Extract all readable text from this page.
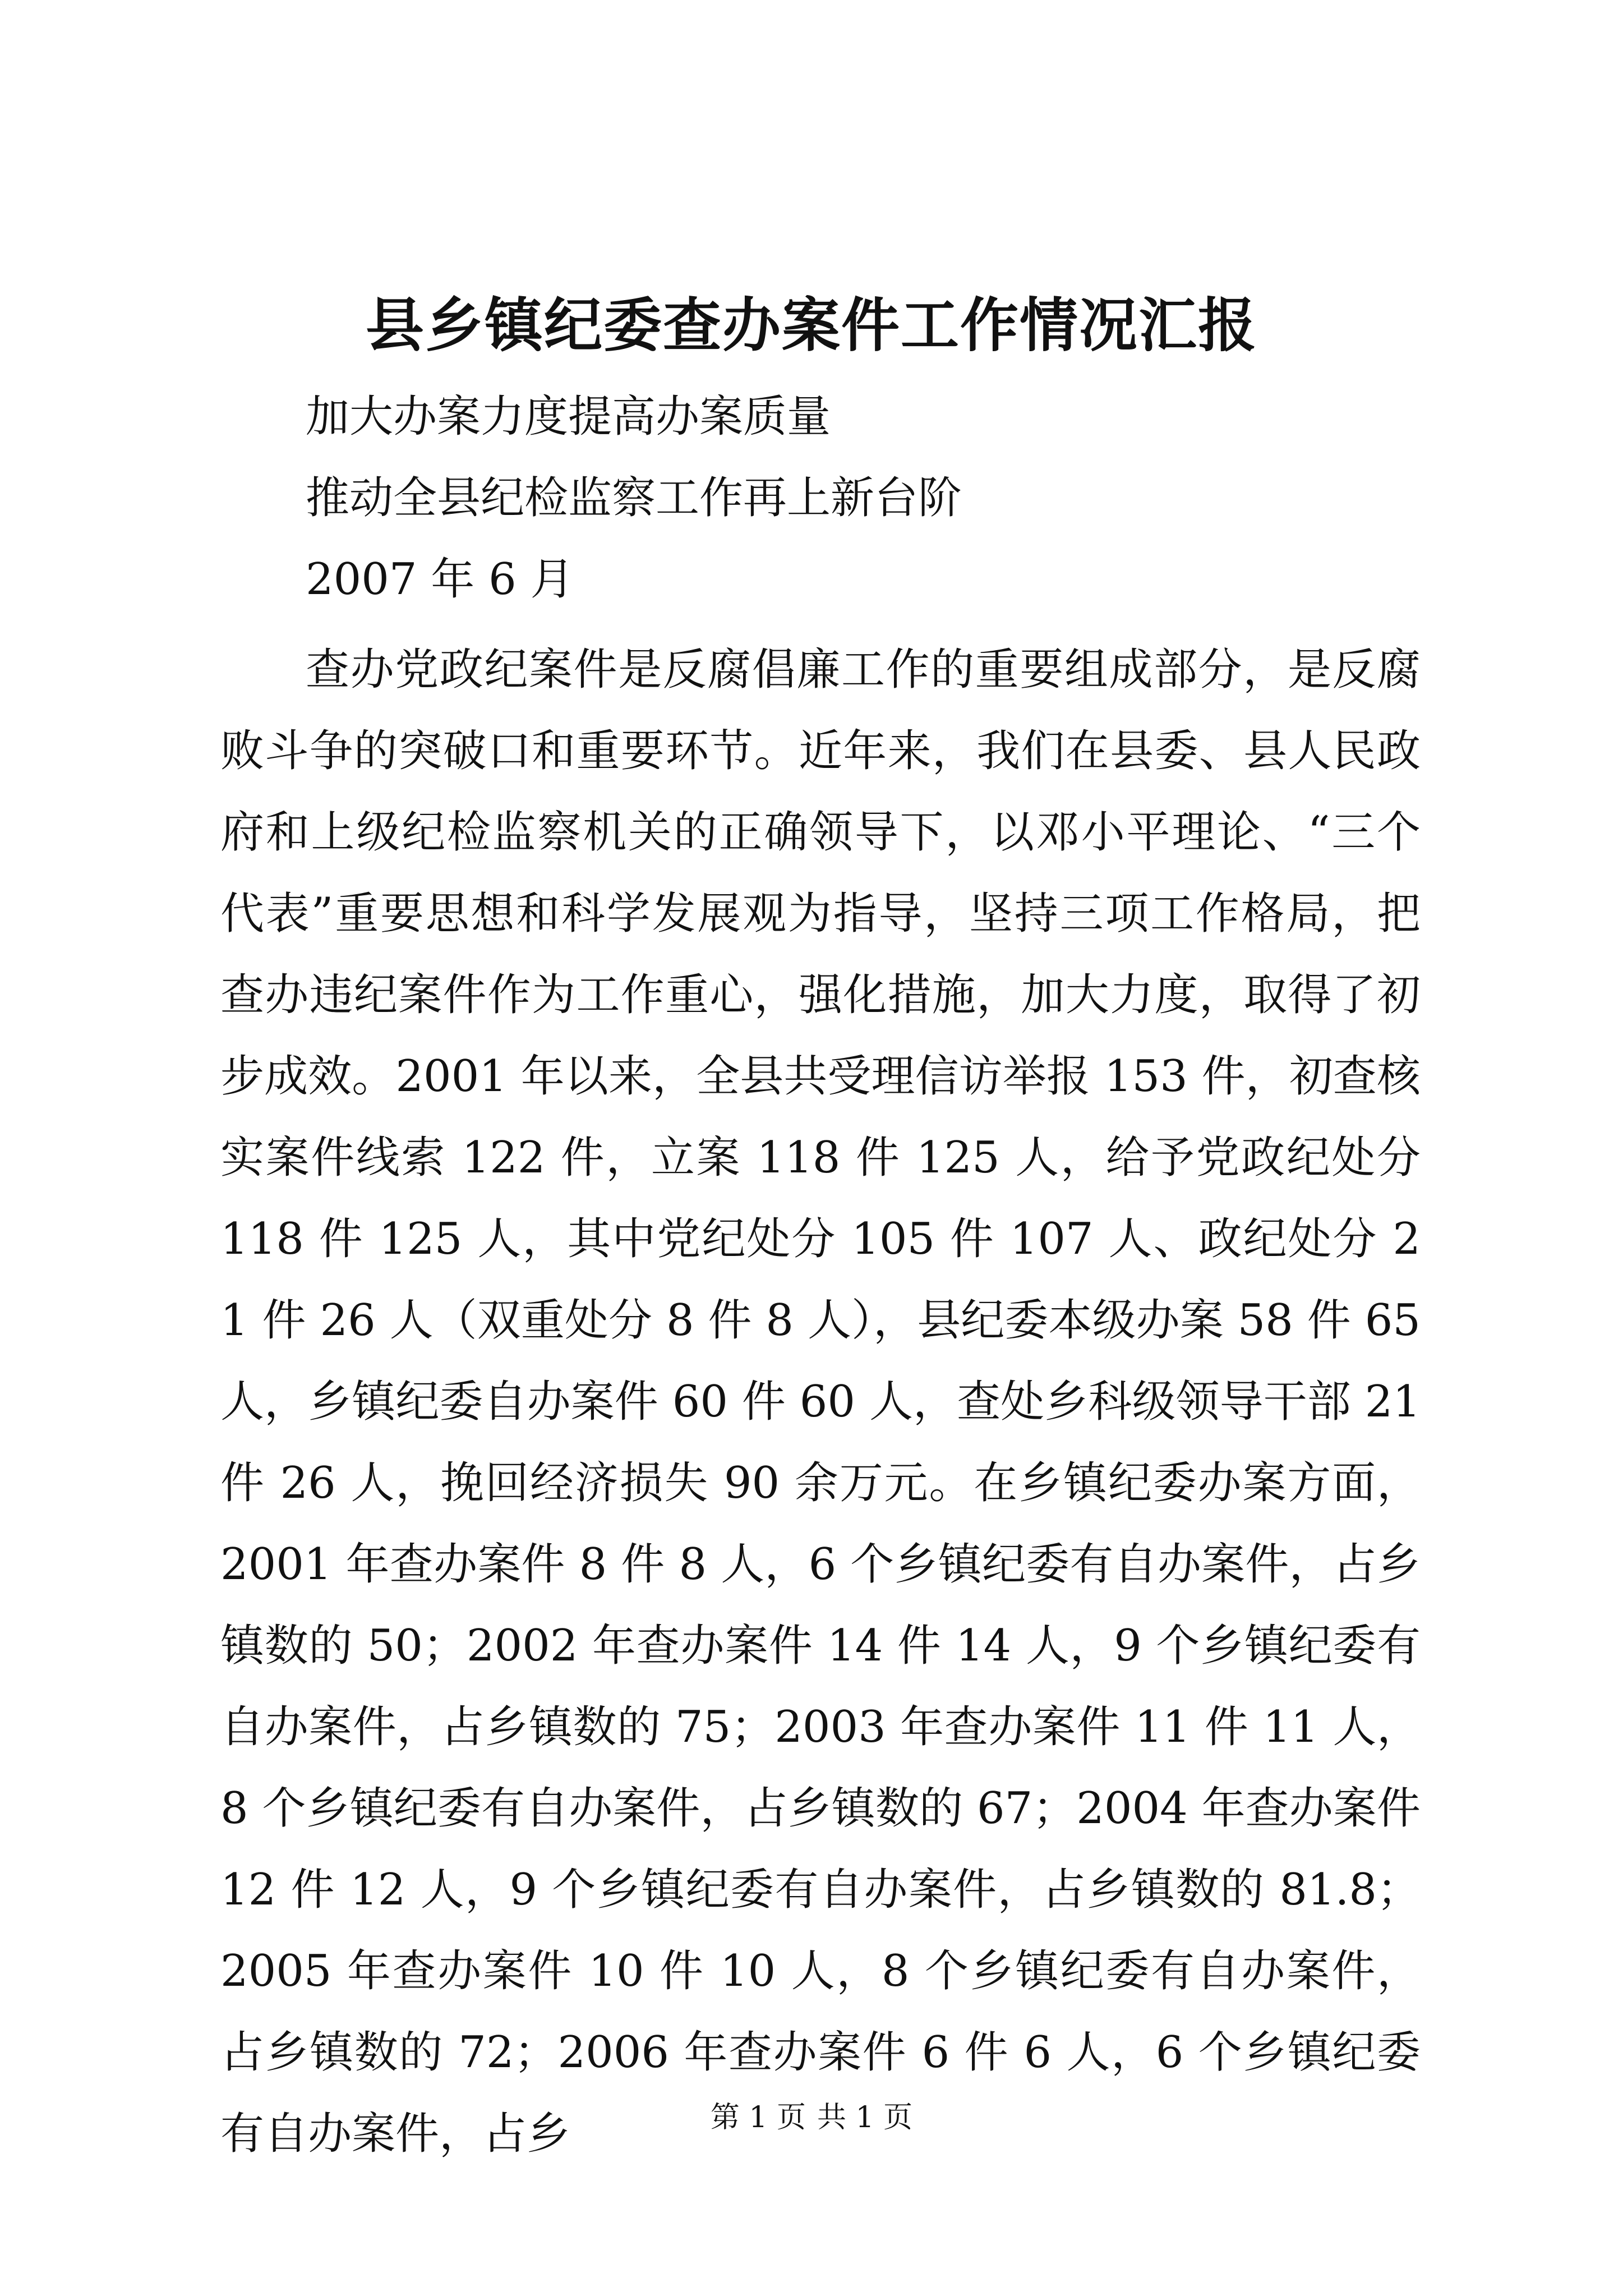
县乡镇纪委查办案件工作情况汇报

加大办案力度提高办案质量

推动全县纪检监察工作再上新台阶

2007 年 6 月

查办党政纪案件是反腐倡廉工作的重要组成部分，是反腐败斗争的突破口和重要环节。近年来，我们在县委、县人民政府和上级纪检监察机关的正确领导下，以邓小平理论、“三个代表”重要思想和科学发展观为指导，坚持三项工作格局，把查办违纪案件作为工作重心，强化措施，加大力度，取得了初步成效。2001 年以来，全县共受理信访举报 153 件，初查核实案件线索 122 件，立案 118 件 125 人，给予党政纪处分 118 件 125 人，其中党纪处分 105 件 107 人、政纪处分 21 件 26 人（双重处分 8 件 8 人），县纪委本级办案 58 件 65 人，乡镇纪委自办案件 60 件 60 人，查处乡科级领导干部 21 件 26 人，挽回经济损失 90 余万元。在乡镇纪委办案方面，2001 年查办案件 8 件 8 人，6 个乡镇纪委有自办案件，占乡镇数的 50；2002 年查办案件 14 件 14 人，9 个乡镇纪委有自办案件，占乡镇数的 75；2003 年查办案件 11 件 11 人，8 个乡镇纪委有自办案件，占乡镇数的 67；2004 年查办案件 12 件 12 人，9 个乡镇纪委有自办案件，占乡镇数的 81.8；2005 年查办案件 10 件 10 人，8 个乡镇纪委有自办案件，占乡镇数的 72；2006 年查办案件 6 件 6 人，6 个乡镇纪委有自办案件，占乡	第 1 页 共 1 页
